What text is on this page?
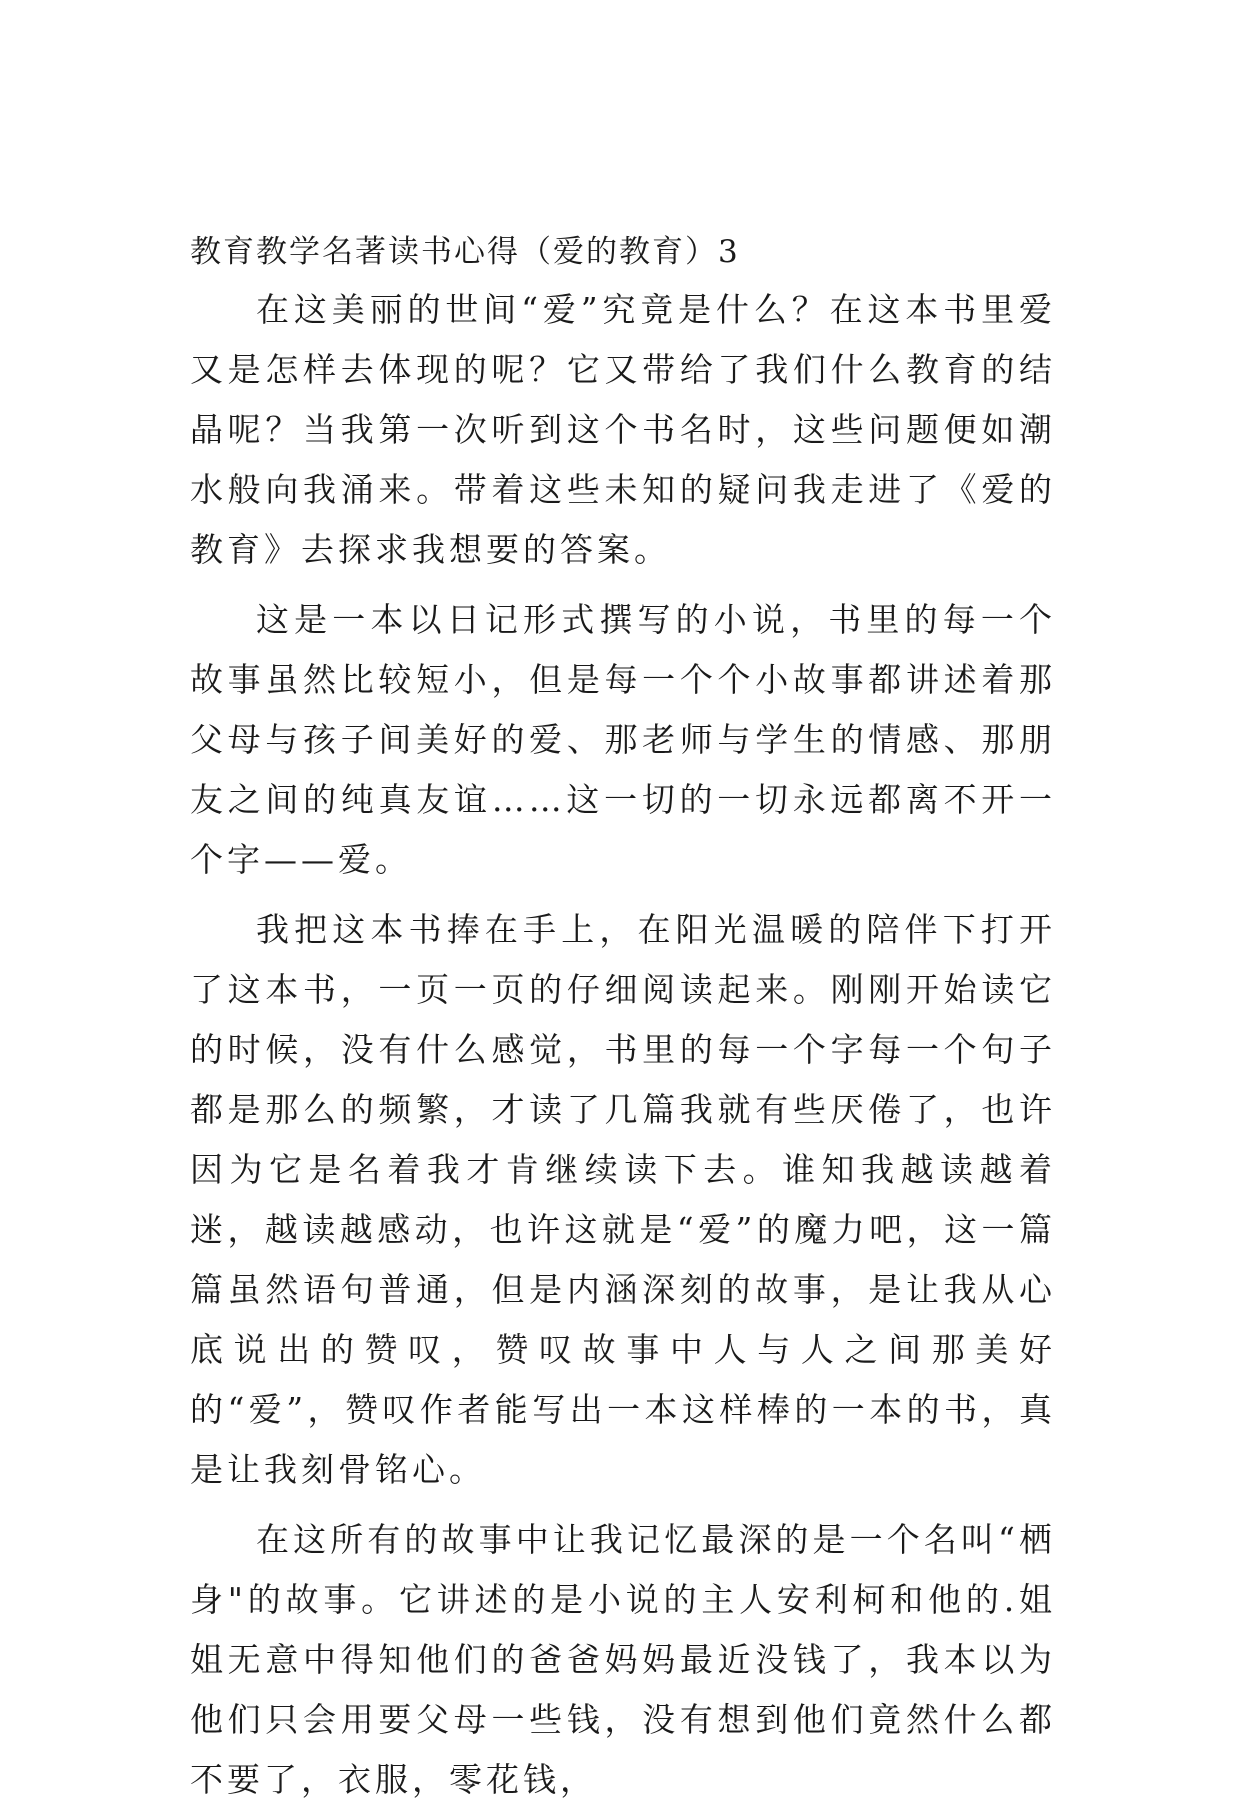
教育教学名著读书心得（爱的教育）3

在这美丽的世间“爱”究竟是什么？在这本书里爱又是怎样去体现的呢？它又带给了我们什么教育的结晶呢？当我第一次听到这个书名时，这些问题便如潮水般向我涌来。带着这些未知的疑问我走进了《爱的教育》去探求我想要的答案。

这是一本以日记形式撰写的小说，书里的每一个故事虽然比较短小，但是每一个个小故事都讲述着那父母与孩子间美好的爱、那老师与学生的情感、那朋友之间的纯真友谊……这一切的一切永远都离不开一个字——爱。

我把这本书捧在手上，在阳光温暖的陪伴下打开了这本书，一页一页的仔细阅读起来。刚刚开始读它的时候，没有什么感觉，书里的每一个字每一个句子都是那么的频繁，才读了几篇我就有些厌倦了，也许因为它是名着我才肯继续读下去。谁知我越读越着迷，越读越感动，也许这就是“爱”的魔力吧，这一篇篇虽然语句普通，但是内涵深刻的故事，是让我从心底说出的赞叹，赞叹故事中人与人之间那美好的“爱”，赞叹作者能写出一本这样棒的一本的书，真是让我刻骨铭心。

在这所有的故事中让我记忆最深的是一个名叫“栖身"的故事。它讲述的是小说的主人安利柯和他的.姐姐无意中得知他们的爸爸妈妈最近没钱了，我本以为他们只会用要父母一些钱，没有想到他们竟然什么都不要了，衣服，零花钱，
